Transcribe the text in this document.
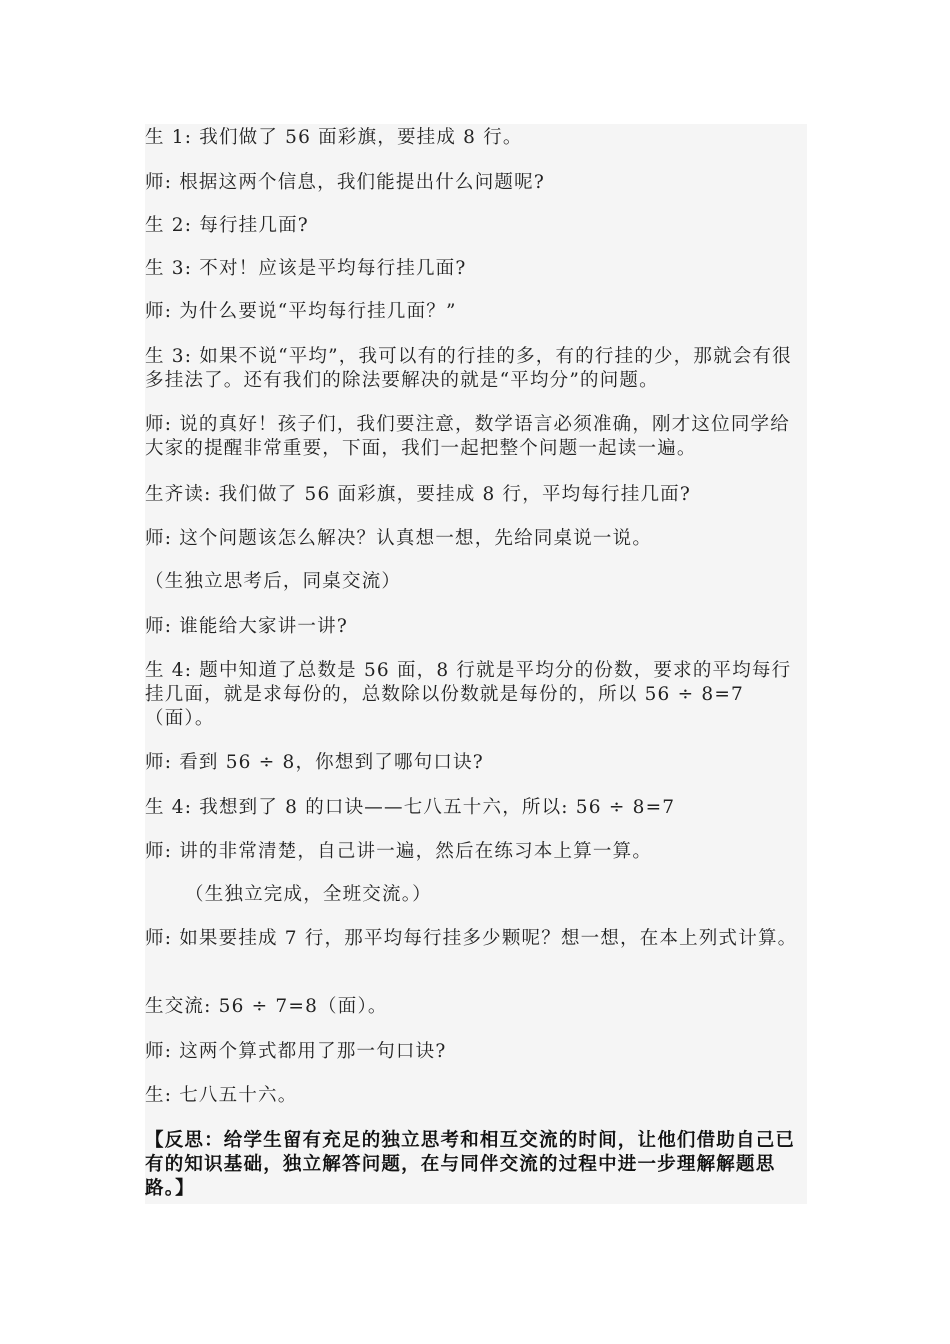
生 1: 我们做了 56 面彩旗，要挂成 8 行。

师: 根据这两个信息，我们能提出什么问题呢?

生 2: 每行挂几面?

生 3: 不对！应该是平均每行挂几面?

师: 为什么要说“平均每行挂几面？”

生 3: 如果不说“平均”，我可以有的行挂的多，有的行挂的少，那就会有很多挂法了。还有我们的除法要解决的就是“平均分”的问题。

师: 说的真好！孩子们，我们要注意，数学语言必须准确，刚才这位同学给大家的提醒非常重要，下面，我们一起把整个问题一起读一遍。

生齐读: 我们做了 56 面彩旗，要挂成 8 行，平均每行挂几面?

师: 这个问题该怎么解决？认真想一想，先给同桌说一说。

（生独立思考后，同桌交流）

师: 谁能给大家讲一讲?

生 4: 题中知道了总数是 56 面，8 行就是平均分的份数，要求的平均每行挂几面，就是求每份的，总数除以份数就是每份的，所以 56 ÷ 8=7（面）。

师: 看到 56 ÷ 8，你想到了哪句口诀?

生 4: 我想到了 8 的口诀——七八五十六，所以: 56 ÷ 8=7

师: 讲的非常清楚，自己讲一遍，然后在练习本上算一算。

（生独立完成，全班交流。）

师: 如果要挂成 7 行，那平均每行挂多少颗呢？想一想，在本上列式计算。

生交流: 56 ÷ 7=8（面）。

师: 这两个算式都用了那一句口诀?

生: 七八五十六。

【反思：给学生留有充足的独立思考和相互交流的时间，让他们借助自己已有的知识基础，独立解答问题，在与同伴交流的过程中进一步理解解题思路。】
